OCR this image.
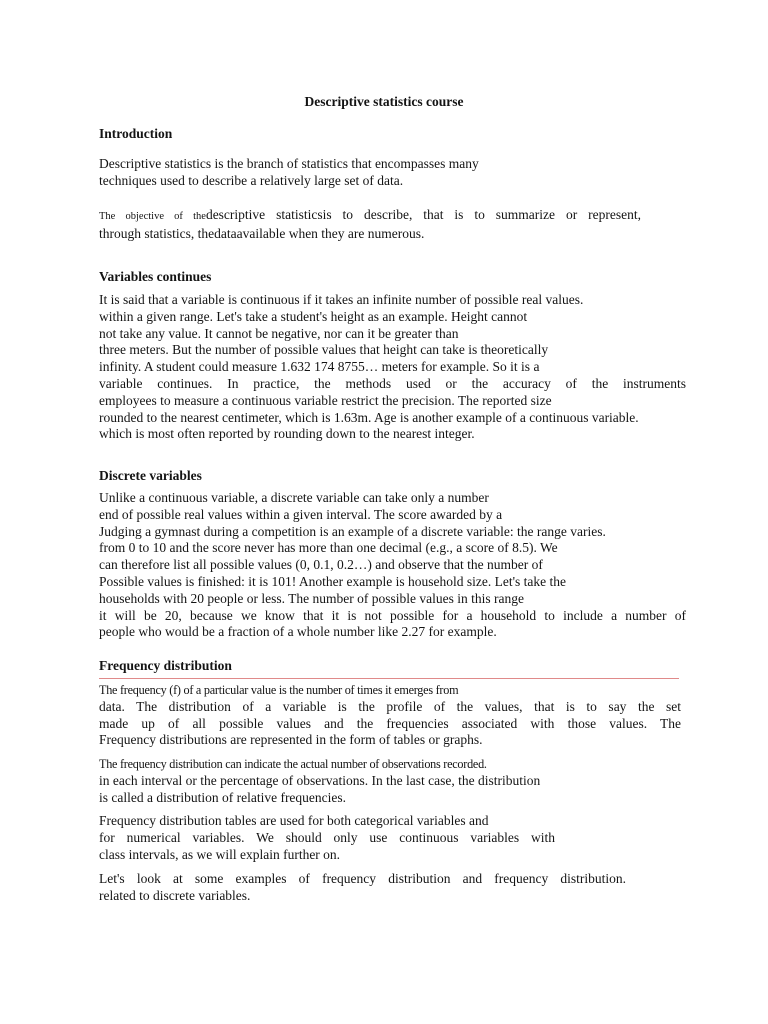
Descriptive statistics course
Introduction
Descriptive statistics is the branch of statistics that encompasses many
techniques used to describe a relatively large set of data.
The objective of thedescriptive statisticsis to describe, that is to summarize or represent,
through statistics, thedataavailable when they are numerous.
Variables continues
It is said that a variable is continuous if it takes an infinite number of possible real values.
within a given range. Let's take a student's height as an example. Height cannot
not take any value. It cannot be negative, nor can it be greater than
three meters. But the number of possible values that height can take is theoretically
infinity. A student could measure 1.632 174 8755… meters for example. So it is a
variable continues. In practice, the methods used or the accuracy of the instruments
employees to measure a continuous variable restrict the precision. The reported size
rounded to the nearest centimeter, which is 1.63m. Age is another example of a continuous variable.
which is most often reported by rounding down to the nearest integer.
Discrete variables
Unlike a continuous variable, a discrete variable can take only a number
end of possible real values within a given interval. The score awarded by a
Judging a gymnast during a competition is an example of a discrete variable: the range varies.
from 0 to 10 and the score never has more than one decimal (e.g., a score of 8.5). We
can therefore list all possible values (0, 0.1, 0.2…) and observe that the number of
Possible values is finished: it is 101! Another example is household size. Let's take the
households with 20 people or less. The number of possible values in this range
it will be 20, because we know that it is not possible for a household to include a number of
people who would be a fraction of a whole number like 2.27 for example.
Frequency distribution
The frequency (f) of a particular value is the number of times it emerges from
data. The distribution of a variable is the profile of the values, that is to say the set
made up of all possible values and the frequencies associated with those values. The
Frequency distributions are represented in the form of tables or graphs.
The frequency distribution can indicate the actual number of observations recorded.
in each interval or the percentage of observations. In the last case, the distribution
is called a distribution of relative frequencies.
Frequency distribution tables are used for both categorical variables and
for numerical variables. We should only use continuous variables with
class intervals, as we will explain further on.
Let's look at some examples of frequency distribution and frequency distribution.
related to discrete variables.
